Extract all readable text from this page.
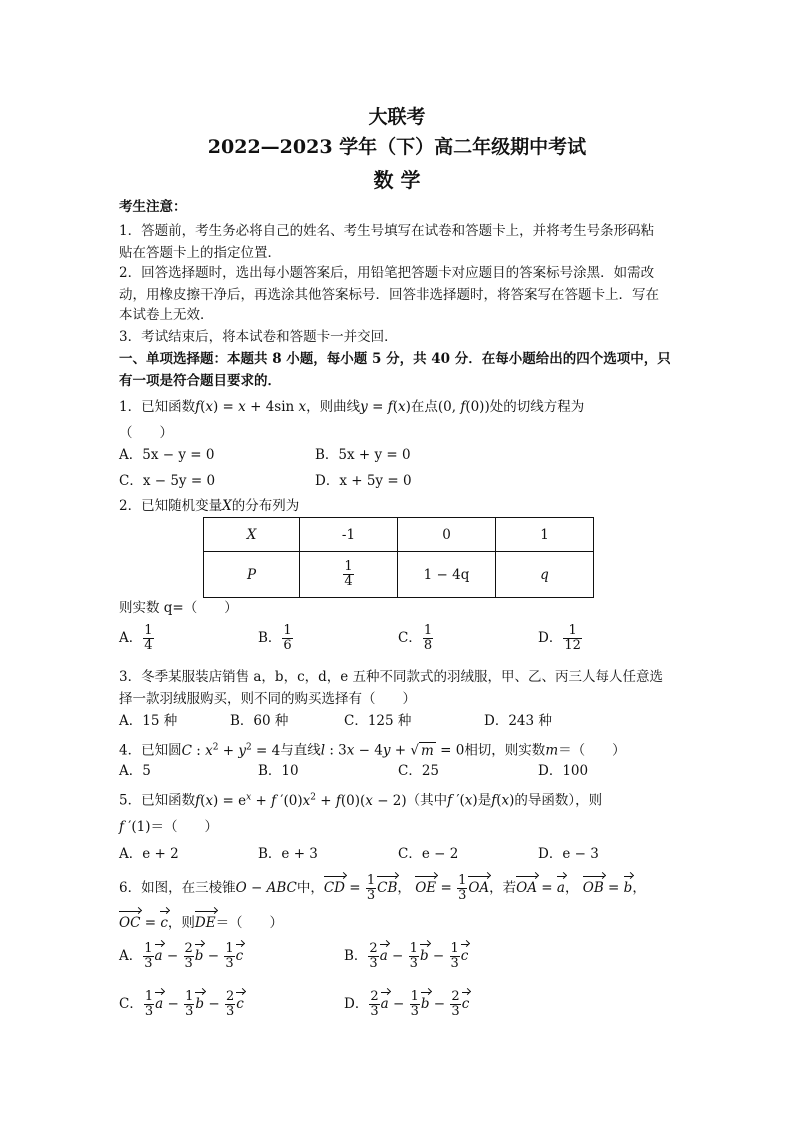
大联考
2022—2023 学年（下）高二年级期中考试
数 学
考生注意：
1．答题前，考生务必将自己的姓名、考生号填写在试卷和答题卡上，并将考生号条形码粘
贴在答题卡上的指定位置．
2．回答选择题时，选出每小题答案后，用铅笔把答题卡对应题目的答案标号涂黑．如需改
动，用橡皮擦干净后，再选涂其他答案标号．回答非选择题时，将答案写在答题卡上．写在
本试卷上无效．
3．考试结束后，将本试卷和答题卡一并交回．
一、单项选择题：本题共 8 小题，每小题 5 分，共 40 分．在每小题给出的四个选项中，只
有一项是符合题目要求的．
1．已知函数f(x) = x + 4sin x，则曲线y = f(x)在点(0, f(0))处的切线方程为
（　　）
A．5x − y = 0	B．5x + y = 0
C．x − 5y = 0	D．x + 5y = 0
2．已知随机变量X的分布列为
X	-1	0	1
P	$\frac{1}{4}$	1 − 4q	q
则实数 q=（　　）
A． $\frac{1}{4}$	B． $\frac{1}{6}$	C． $\frac{1}{8}$	D． $\frac{1}{12}$
3．冬季某服装店销售 a，b，c，d，e 五种不同款式的羽绒服，甲、乙、丙三人每人任意选
择一款羽绒服购买，则不同的购买选择有（　　）
A．15 种	B．60 种	C．125 种	D．243 种
4．已知圆C : $x^2 + y^2 = 4$与直线l : 3x − 4y + √ m = 0相切，则实数m＝（　　）
A．5	B．10	C．25	D．100
5．已知函数$f(x) = e^x + f$ $'(0)x^2 + f(0)(x - 2)$（其中f ′(x)是f(x)的导函数），则
f ′(1)＝（　　）
A．e + 2	B．e + 3	C．e − 2	D．e − 3
6．如图，在三棱锥O − ABC中，CD = $\frac{1}{3}$ CB， OE = $\frac{1}{3}$ OA，若OA = a， OB = b，
OC = c，则DE＝（　　）
A． $\frac{1}{3}$ $a - \frac{2}{3}$ $b - \frac{1}{3}$ c	B． $\frac{2}{3}$ $a - \frac{1}{3}$ $b - \frac{1}{3}$ c
C． $\frac{1}{3}$ $a - \frac{1}{3}$ $b - \frac{2}{3}$ c	D． $\frac{2}{3}$ $a - \frac{1}{3}$ $b - \frac{2}{3}$ c
